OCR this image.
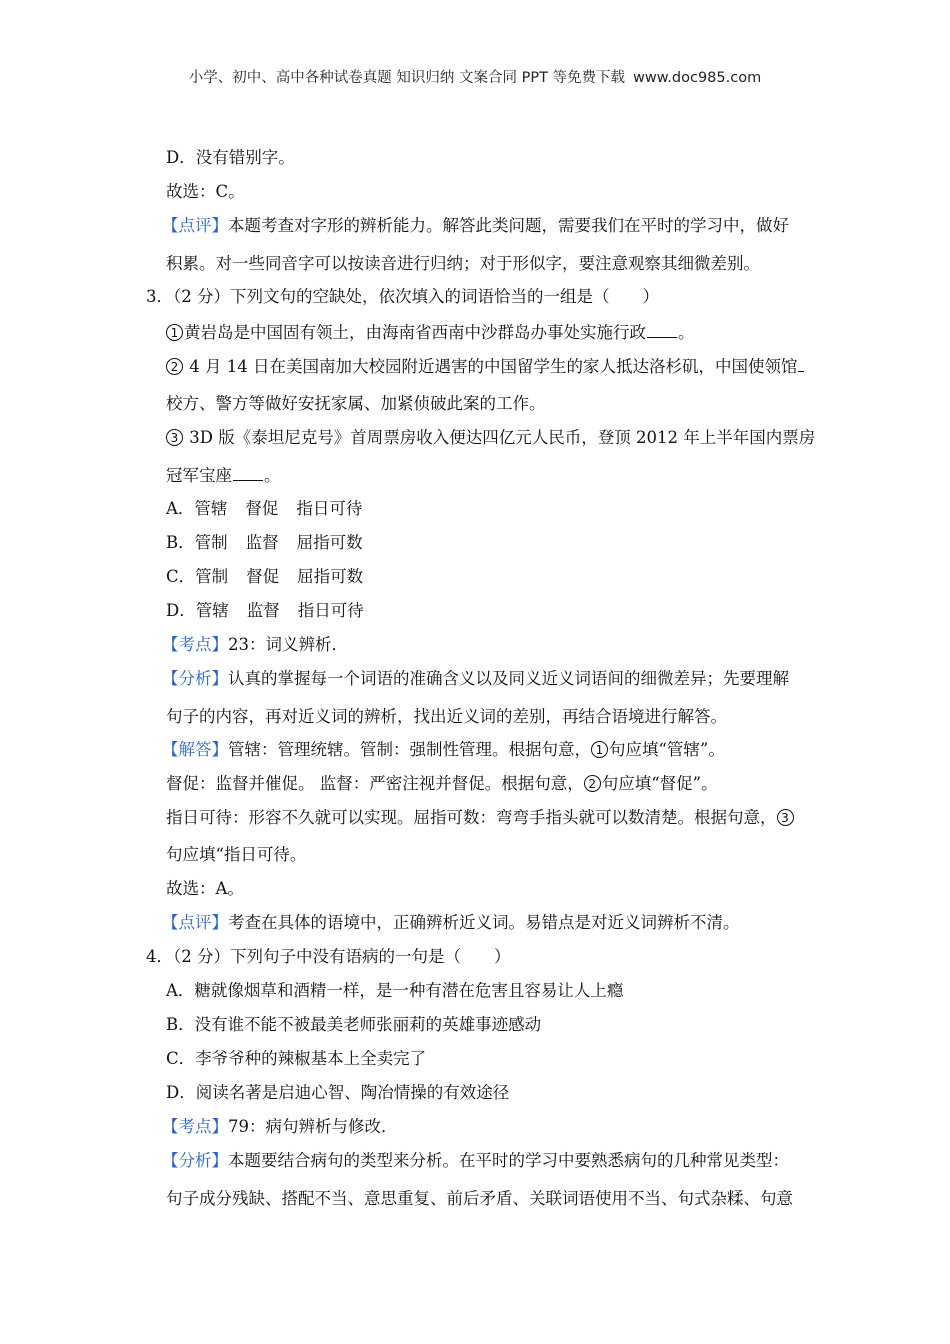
小学、初中、高中各种试卷真题 知识归纳 文案合同 PPT 等免费下载 www.doc985.com
D．没有错别字。
故选：C。
【点评】本题考查对字形的辨析能力。解答此类问题，需要我们在平时的学习中，做好
积累。对一些同音字可以按读音进行归纳；对于形似字，要注意观察其细微差别。
3．（2 分）下列文句的空缺处，依次填入的词语恰当的一组是（　　）
1 黄岩岛是中国固有领土，由海南省西南中沙群岛办事处实施行政 。
2 4 月 14 日在美国南加大校园附近遇害的中国留学生的家人抵达洛杉矶，中国使领馆
校方、警方等做好安抚家属、加紧侦破此案的工作。
3 3D 版《泰坦尼克号》首周票房收入便达四亿元人民币，登顶 2012 年上半年国内票房
冠军宝座 。
A．管辖 督促 指日可待
B．管制 监督 屈指可数
C．管制 督促 屈指可数
D．管辖 监督 指日可待
【考点】23：词义辨析．
【分析】认真的掌握每一个词语的准确含义以及同义近义词语间的细微差异；先要理解
句子的内容，再对近义词的辨析，找出近义词的差别，再结合语境进行解答。
【解答】管辖：管理统辖。管制：强制性管理。根据句意， 1 句应填“管辖”。
督促：监督并催促。 监督：严密注视并督促。根据句意， 2 句应填“督促”。
指日可待：形容不久就可以实现。屈指可数：弯弯手指头就可以数清楚。根据句意， 3
句应填“指日可待。
故选：A。
【点评】考查在具体的语境中，正确辨析近义词。易错点是对近义词辨析不清。
4．（2 分）下列句子中没有语病的一句是（　　）
A．糖就像烟草和酒精一样，是一种有潜在危害且容易让人上瘾
B．没有谁不能不被最美老师张丽莉的英雄事迹感动
C．李爷爷种的辣椒基本上全卖完了
D．阅读名著是启迪心智、陶冶情操的有效途径
【考点】79：病句辨析与修改．
【分析】本题要结合病句的类型来分析。在平时的学习中要熟悉病句的几种常见类型：
句子成分残缺、搭配不当、意思重复、前后矛盾、关联词语使用不当、句式杂糅、句意
